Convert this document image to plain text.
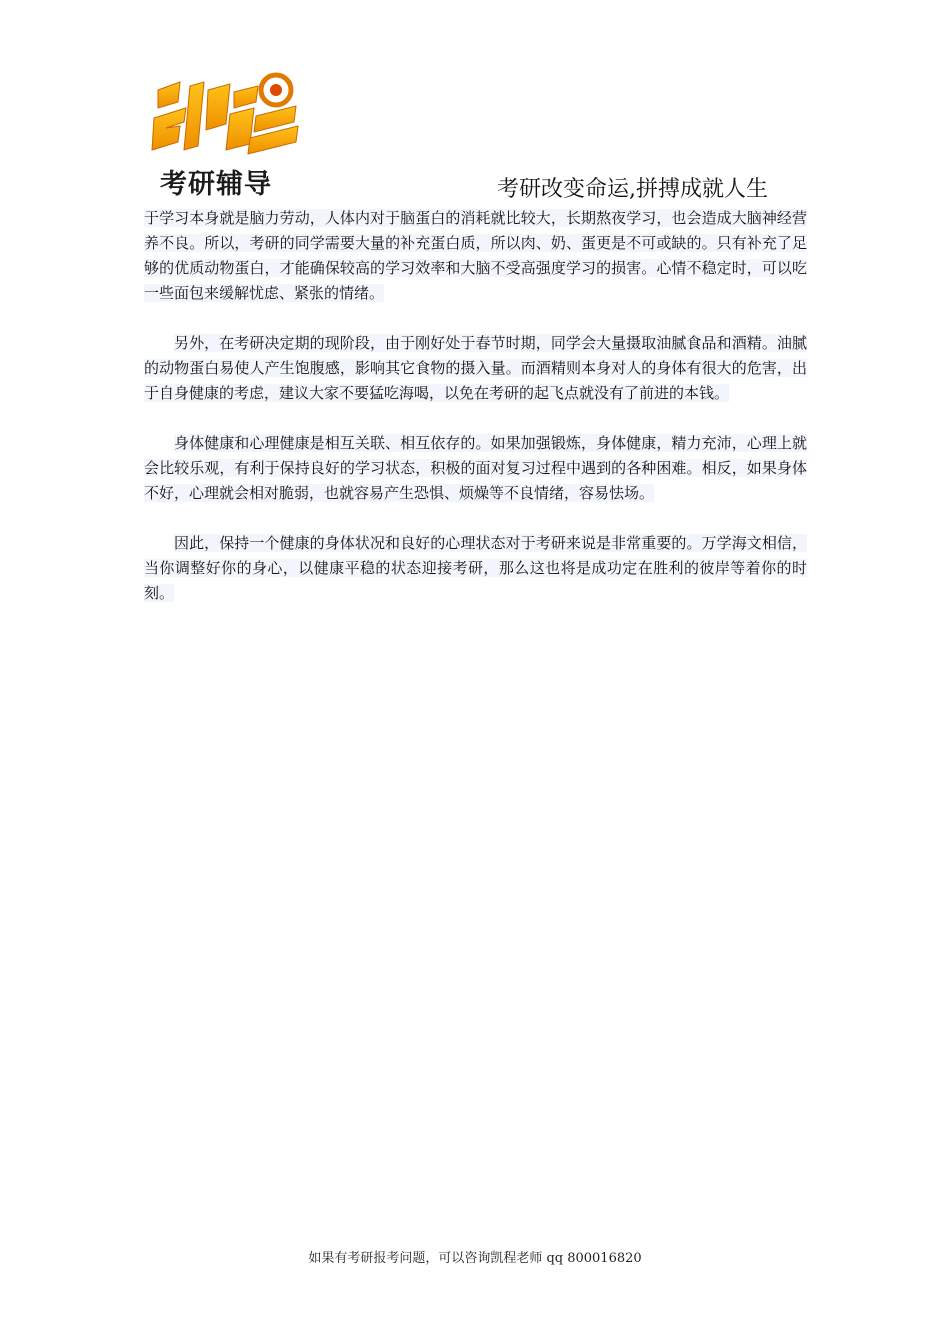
考研辅导	考研改变命运,拼搏成就人生

于学习本身就是脑力劳动，人体内对于脑蛋白的消耗就比较大，长期熬夜学习，也会造成大脑神经营养不良。所以，考研的同学需要大量的补充蛋白质，所以肉、奶、蛋更是不可或缺的。只有补充了足够的优质动物蛋白，才能确保较高的学习效率和大脑不受高强度学习的损害。心情不稳定时，可以吃一些面包来缓解忧虑、紧张的情绪。

另外，在考研决定期的现阶段，由于刚好处于春节时期，同学会大量摄取油腻食品和酒精。油腻的动物蛋白易使人产生饱腹感，影响其它食物的摄入量。而酒精则本身对人的身体有很大的危害，出于自身健康的考虑，建议大家不要猛吃海喝，以免在考研的起飞点就没有了前进的本钱。

身体健康和心理健康是相互关联、相互依存的。如果加强锻炼，身体健康，精力充沛，心理上就会比较乐观，有利于保持良好的学习状态，积极的面对复习过程中遇到的各种困难。相反，如果身体不好，心理就会相对脆弱，也就容易产生恐惧、烦燥等不良情绪，容易怯场。

因此，保持一个健康的身体状况和良好的心理状态对于考研来说是非常重要的。万学海文相信，当你调整好你的身心，以健康平稳的状态迎接考研，那么这也将是成功定在胜利的彼岸等着你的时刻。

如果有考研报考问题，可以咨询凯程老师 qq 800016820
